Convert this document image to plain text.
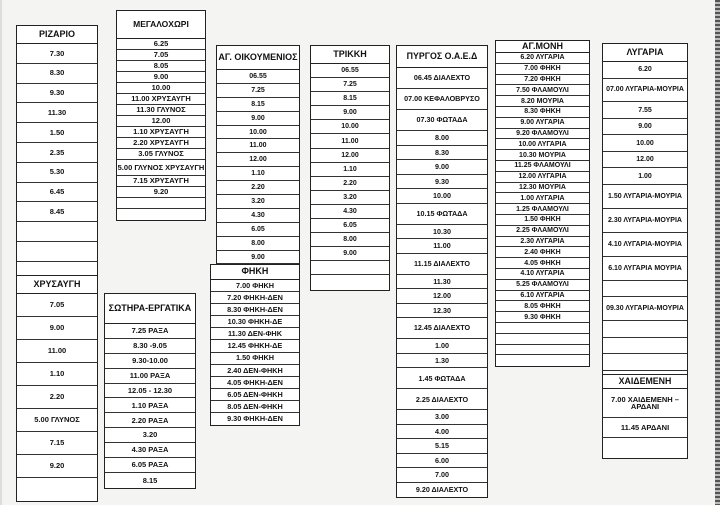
ΡΙΖΑΡΙΟ
7.30
8.30
9.30
11.30
1.50
2.35
5.30
6.45
8.45
ΜΕΓΑΛΟΧΩΡΙ
6.25
7.05
8.05
9.00
10.00
11.00 ΧΡΥΣΑΥΓΗ
11.30 ΓΛΥΝΟΣ
12.00
1.10 ΧΡΥΣΑΥΓΗ
2.20 ΧΡΥΣΑΥΓΗ
3.05 ΓΛΥΝΟΣ
5.00 ΓΛΥΝΟΣ ΧΡΥΣΑΥΓΗ
7.15 ΧΡΥΣΑΥΓΗ
9.20
ΑΓ. ΟΙΚΟΥΜΕΝΙΟΣ
06.55
7.25
8.15
9.00
10.00
11.00
12.00
1.10
2.20
3.20
4.30
6.05
8.00
9.00
ΦΗΚΗ
7.00 ΦΗΚΗ
7.20 ΦΗΚΗ-ΔΕΝ
8.30 ΦΗΚΗ-ΔΕΝ
10.30 ΦΗΚΗ-ΔΕ
11.30 ΔΕΝ-ΦΗΚ
12.45 ΦΗΚΗ-ΔΕ
1.50 ΦΗΚΗ
2.40 ΔΕΝ-ΦΗΚΗ
4.05 ΦΗΚΗ-ΔΕΝ
6.05 ΔΕΝ-ΦΗΚΗ
8.05 ΔΕΝ-ΦΗΚΗ
9.30 ΦΗΚΗ-ΔΕΝ
ΤΡΙΚΚΗ
06.55
7.25
8.15
9.00
10.00
11.00
12.00
1.10
2.20
3.20
4.30
6.05
8.00
9.00
ΠΥΡΓΟΣ Ο.Α.Ε.Δ
06.45 ΔΙΑΛΕΧΤΟ
07.00 ΚΕΦΑΛΟΒΡΥΣΟ
07.30 ΦΩΤΑΔΑ
8.00
8.30
9.00
9.30
10.00
10.15 ΦΩΤΑΔΑ
10.30
11.00
11.15 ΔΙΑΛΕΧΤΟ
11.30
12.00
12.30
12.45 ΔΙΑΛΕΧΤΟ
1.00
1.30
1.45 ΦΩΤΑΔΑ
2.25 ΔΙΑΛΕΧΤΟ
3.00
4.00
5.15
6.00
7.00
9.20 ΔΙΑΛΕΧΤΟ
ΑΓ.ΜΟΝΗ
6.20 ΛΥΓΑΡΙΑ
7.00 ΦΗΚΗ
7.20 ΦΗΚΗ
7.50 ΦΛΑΜΟΥΛΙ
8.20 ΜΟΥΡΙΑ
8.30 ΦΗΚΗ
9.00 ΛΥΓΑΡΙΑ
9.20 ΦΛΑΜΟΥΛΙ
10.00 ΛΥΓΑΡΙΑ
10.30 ΜΟΥΡΙΑ
11.25 ΦΛΑΜΟΥΛΙ
12.00 ΛΥΓΑΡΙΑ
12.30 ΜΟΥΡΙΑ
1.00 ΛΥΓΑΡΙΑ
1.25 ΦΛΑΜΟΥΛΙ
1.50 ΦΗΚΗ
2.25 ΦΛΑΜΟΥΛΙ
2.30 ΛΥΓΑΡΙΑ
2.40 ΦΗΚΗ
4.05 ΦΗΚΗ
4.10 ΛΥΓΑΡΙΑ
5.25 ΦΛΑΜΟΥΛΙ
6.10 ΛΥΓΑΡΙΑ
8.05 ΦΗΚΗ
9.30 ΦΗΚΗ
ΛΥΓΑΡΙΑ
6.20
07.00 ΛΥΓΑΡΙΑ-ΜΟΥΡΙΑ
7.55
9.00
10.00
12.00
1.00
1.50 ΛΥΓΑΡΙΑ-ΜΟΥΡΙΑ
2.30 ΛΥΓΑΡΙΑ-ΜΟΥΡΙΑ
4.10 ΛΥΓΑΡΙΑ-ΜΟΥΡΙΑ
6.10 ΛΥΓΑΡΙΑ ΜΟΥΡΙΑ
09.30 ΛΥΓΑΡΙΑ-ΜΟΥΡΙΑ
ΧΑΙΔΕΜΕΝΗ
7.00 ΧΑΙΔΕΜΕΝΗ – ΑΡΔΑΝΙ
11.45 ΑΡΔΑΝΙ
ΧΡΥΣΑΥΓΗ
7.05
9.00
11.00
1.10
2.20
5.00 ΓΛΥΝΟΣ
7.15
9.20
ΣΩΤΗΡΑ-ΕΡΓΑΤΙΚΑ
7.25 ΡΑΞΑ
8.30 -9.05
9.30-10.00
11.00 ΡΑΞΑ
12.05 - 12.30
1.10 ΡΑΞΑ
2.20 ΡΑΞΑ
3.20
4.30 ΡΑΞΑ
6.05 ΡΑΞΑ
8.15
